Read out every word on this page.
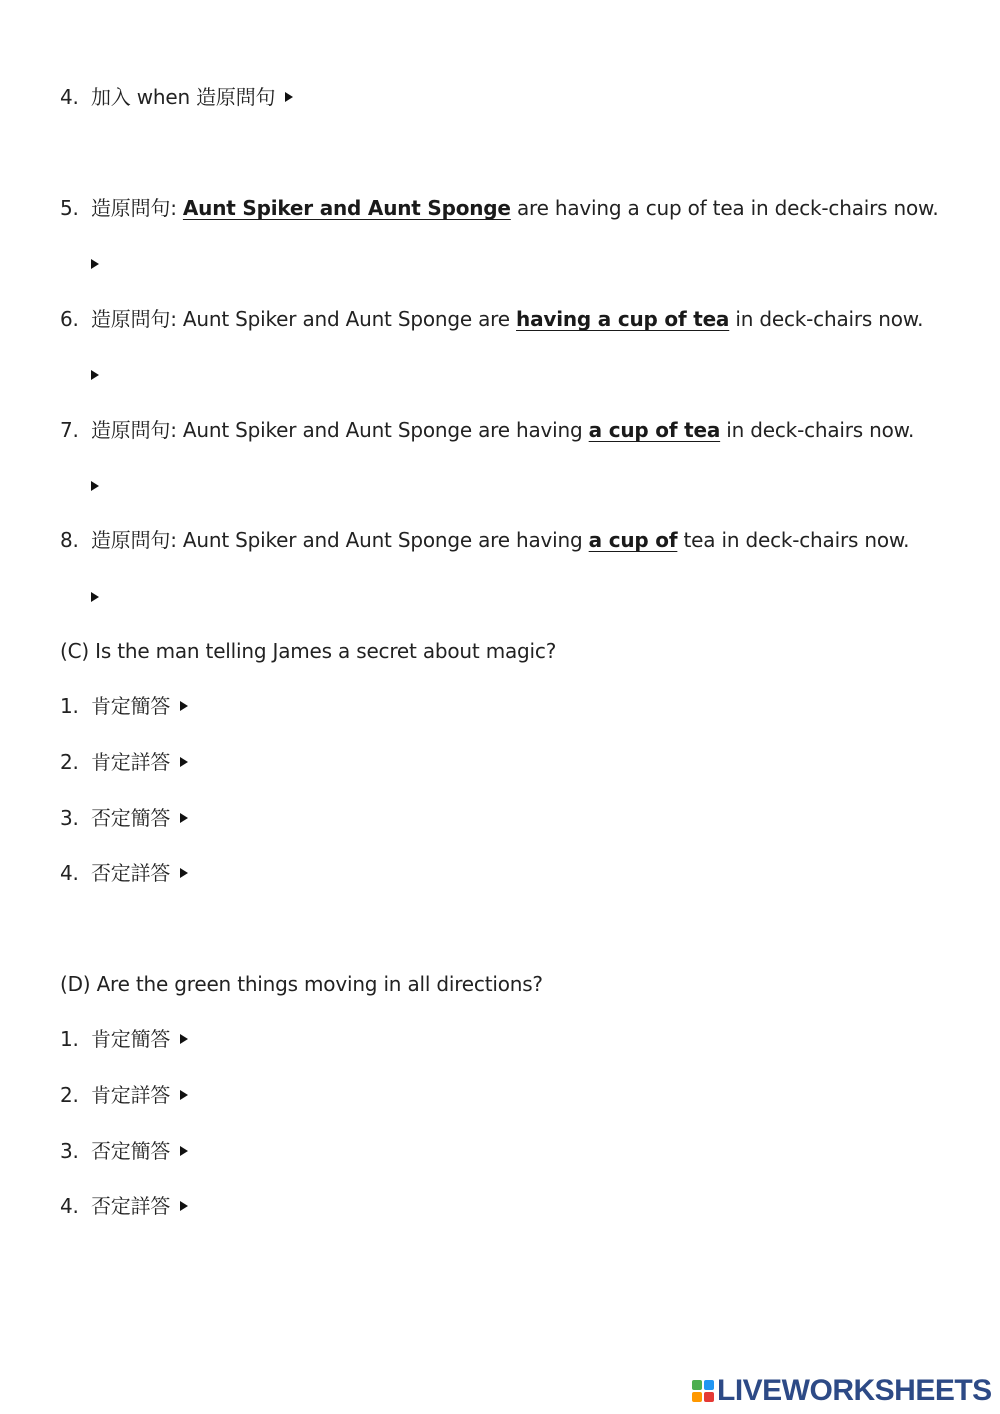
4. 加入 when 造原問句
5. 造原問句: Aunt Spiker and Aunt Sponge are having a cup of tea in deck-chairs now.
6. 造原問句: Aunt Spiker and Aunt Sponge are having a cup of tea in deck-chairs now.
7. 造原問句: Aunt Spiker and Aunt Sponge are having a cup of tea in deck-chairs now.
8. 造原問句: Aunt Spiker and Aunt Sponge are having a cup of tea in deck-chairs now.
(C) Is the man telling James a secret about magic?
1. 肯定簡答
2. 肯定詳答
3. 否定簡答
4. 否定詳答
(D) Are the green things moving in all directions?
1. 肯定簡答
2. 肯定詳答
3. 否定簡答
4. 否定詳答
LIVEWORKSHEETS
